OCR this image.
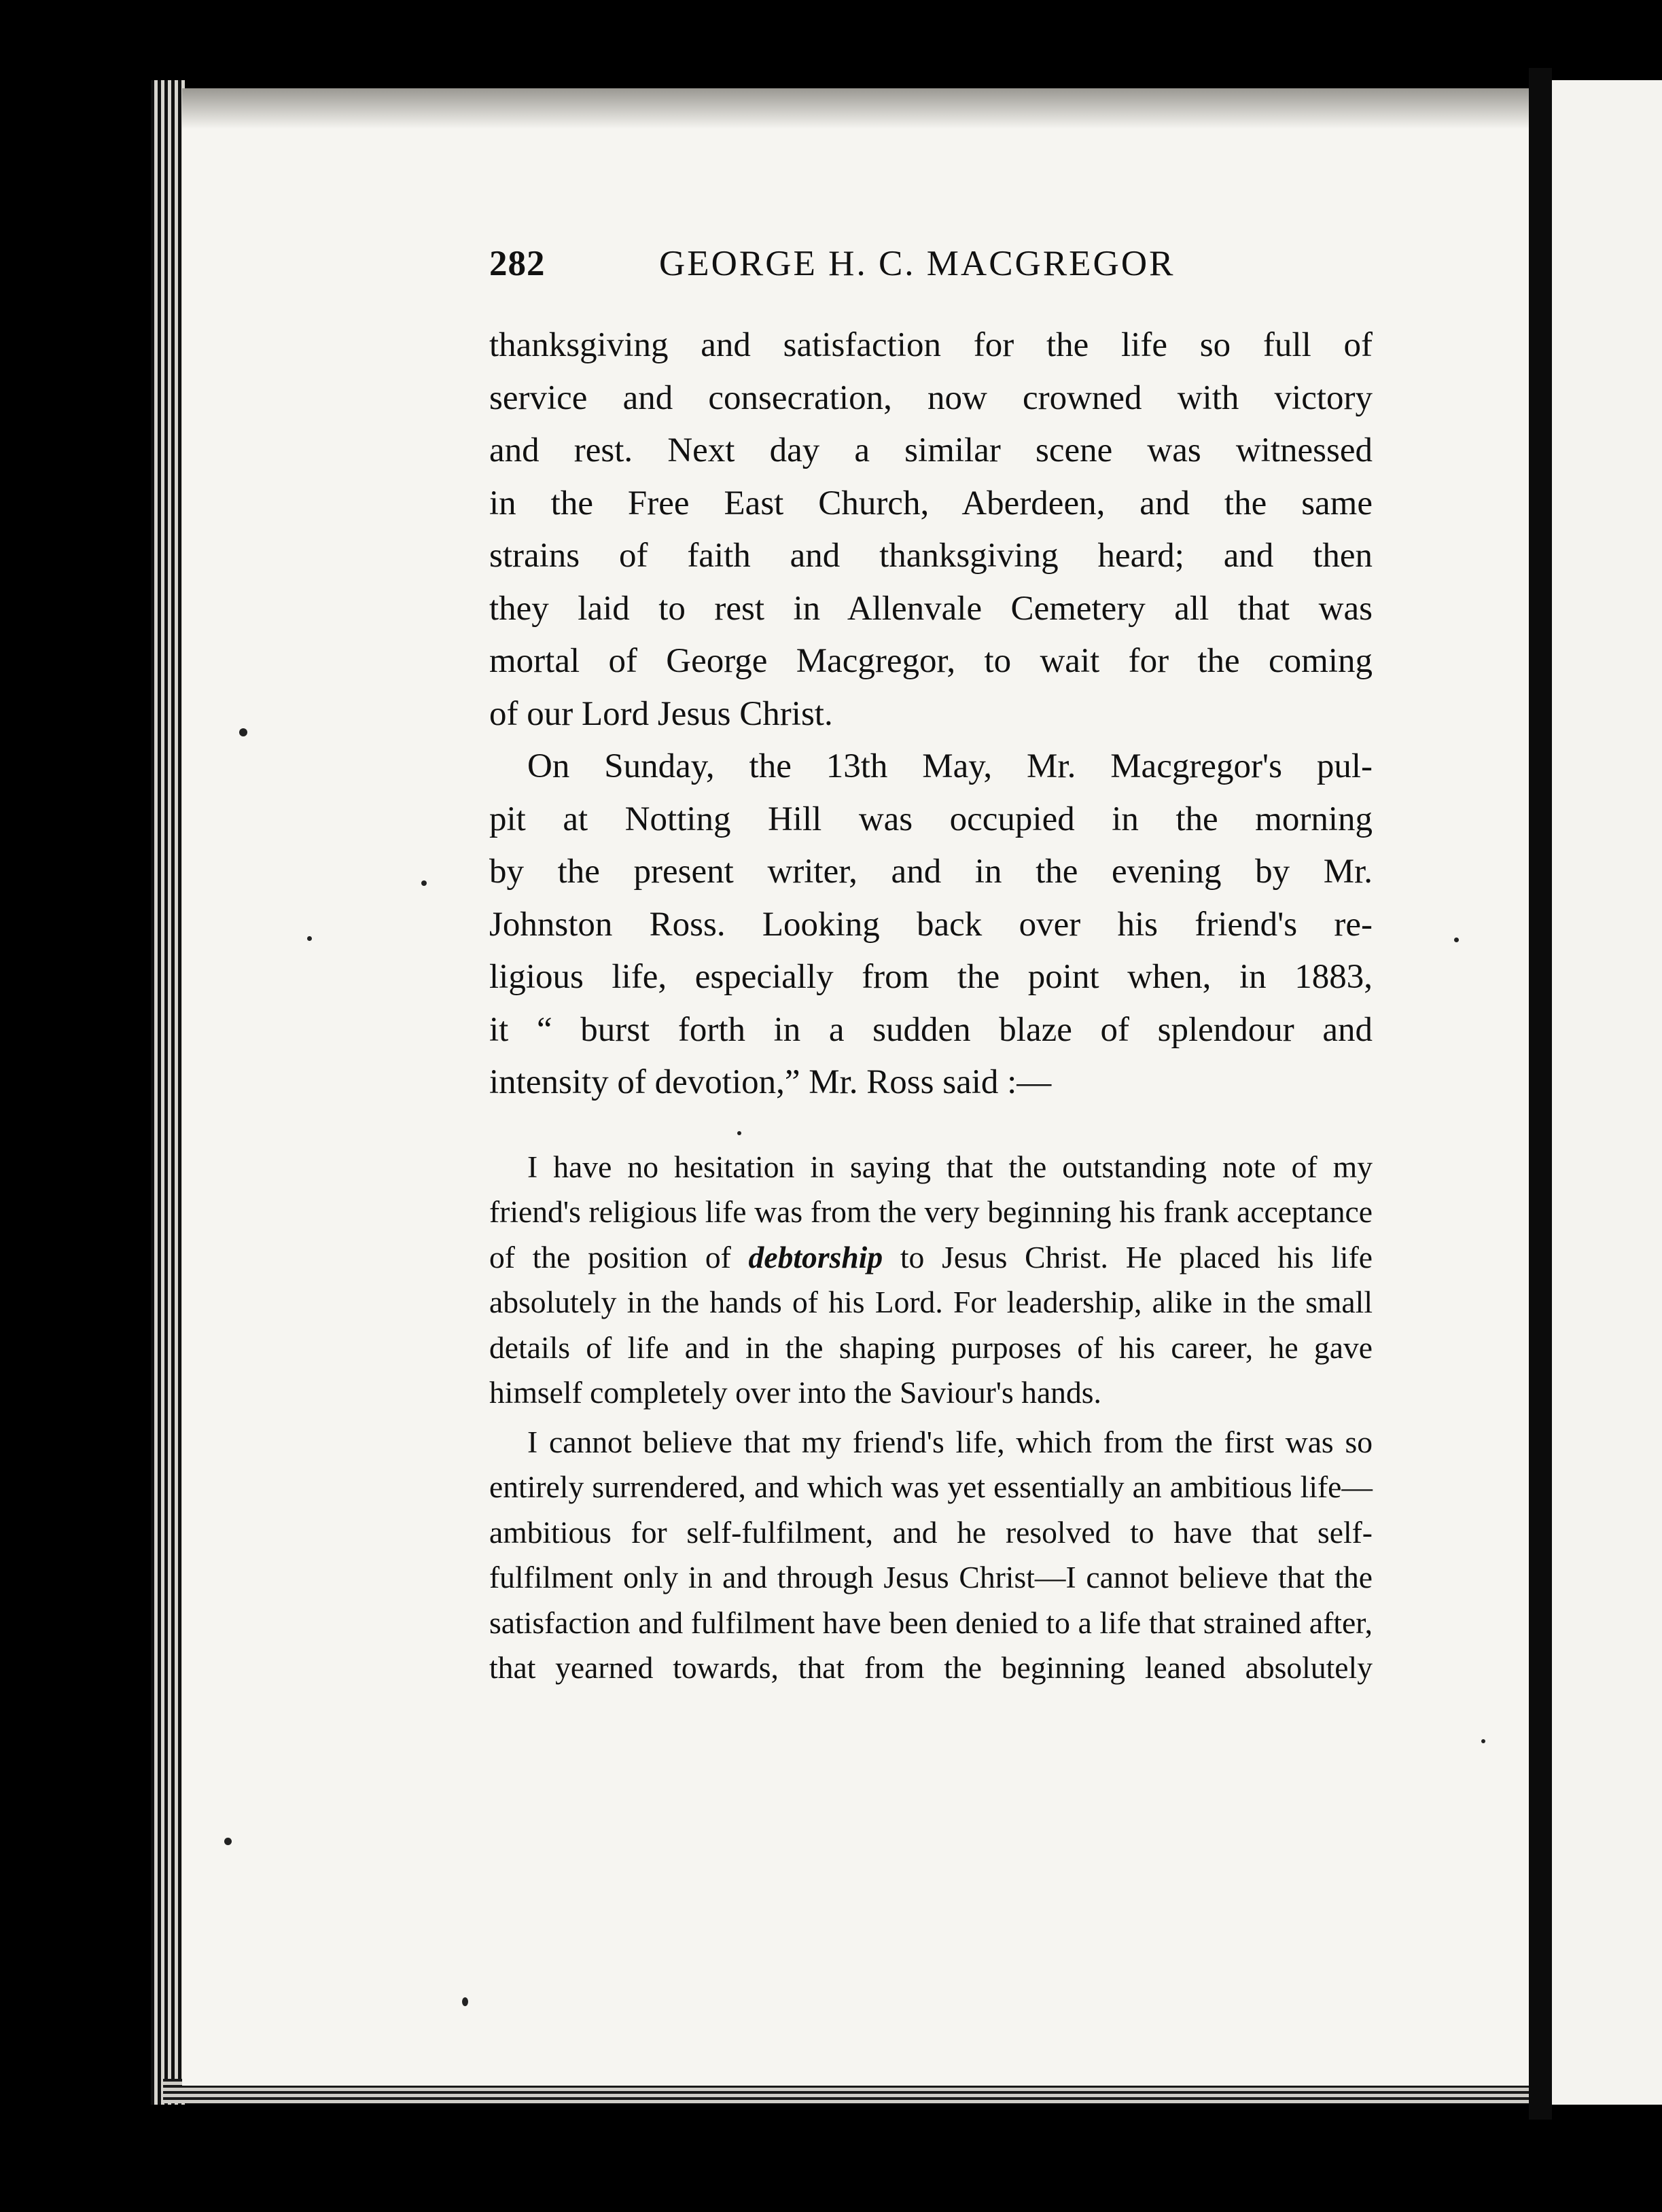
282	GEORGE H. C. MACGREGOR

thanksgiving and satisfaction for the life so full of
service and consecration, now crowned with victory
and rest. Next day a similar scene was witnessed
in the Free East Church, Aberdeen, and the same
strains of faith and thanksgiving heard; and then
they laid to rest in Allenvale Cemetery all that was
mortal of George Macgregor, to wait for the coming
of our Lord Jesus Christ.

On Sunday, the 13th May, Mr. Macgregor's pul-
pit at Notting Hill was occupied in the morning
by the present writer, and in the evening by Mr.
Johnston Ross. Looking back over his friend's re-
ligious life, especially from the point when, in 1883,
it “ burst forth in a sudden blaze of splendour and
intensity of devotion,” Mr. Ross said :—

I have no hesitation in saying that the outstanding note of my friend's religious life was from the very beginning his frank acceptance of the position of debtorship to Jesus Christ. He placed his life absolutely in the hands of his Lord. For leadership, alike in the small details of life and in the shaping purposes of his career, he gave himself completely over into the Saviour's hands.

I cannot believe that my friend's life, which from the first was so entirely surrendered, and which was yet essentially an ambitious life—ambitious for self-fulfilment, and he resolved to have that self-fulfilment only in and through Jesus Christ—I cannot believe that the satisfaction and fulfilment have been denied to a life that strained after, that yearned towards, that from the beginning leaned absolutely
